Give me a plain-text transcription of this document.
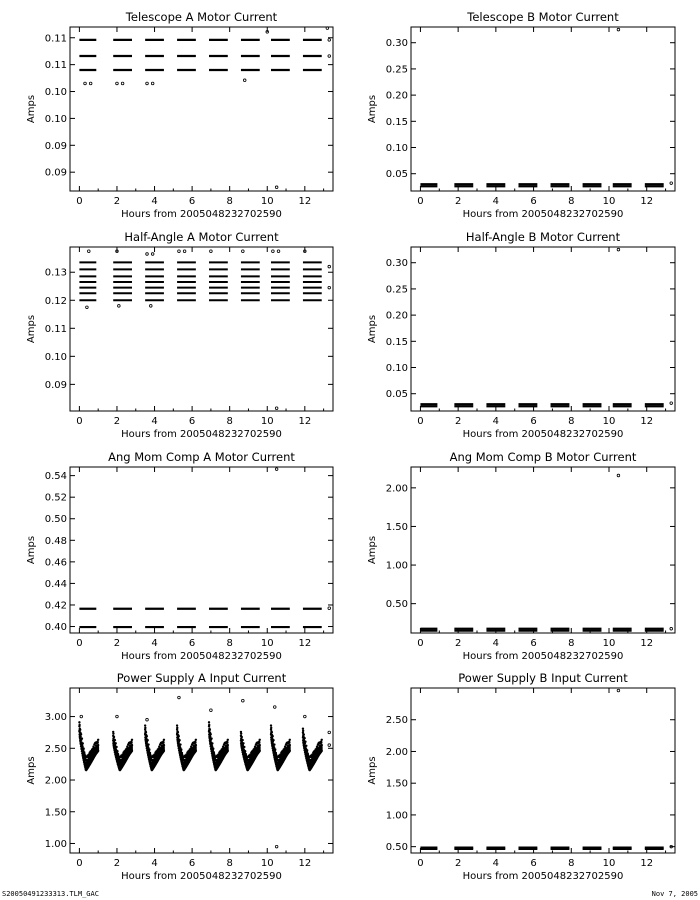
Telescope A Motor Current
0	2	4	6	8	10 12
0.09
0.09
0.10
0.10
0.11
0.11
Hours from 2005048232702590
Amps
Telescope B Motor Current
0	2	4	6	8	10 12
0.05
0.10
0.15
0.20
0.25
0.30
Hours from 2005048232702590
Amps
Half-Angle A Motor Current
0	2	4	6	8	10 12
0.09
0.10
0.11
0.12
0.13
Hours from 2005048232702590
Amps
Half-Angle B Motor Current
0	2	4	6	8	10 12
0.05
0.10
0.15
0.20
0.25
0.30
Hours from 2005048232702590
Amps
Ang Mom Comp A Motor Current
0	2	4	6	8	10 12
0.40
0.42
0.44
0.46
0.48
0.50
0.52
0.54
Hours from 2005048232702590
Amps
Ang Mom Comp B Motor Current
0	2	4	6	8	10 12
0.50
1.00
1.50
2.00
Hours from 2005048232702590
Amps
Power Supply A Input Current
0	2	4	6	8	10 12
1.00
1.50
2.00
2.50
3.00
Hours from 2005048232702590
Amps
Power Supply B Input Current
0	2	4	6	8	10 12
0.50
1.00
1.50
2.00
2.50
Hours from 2005048232702590
Amps
S20050491233313.TLM_GAC	Nov 7, 2005
